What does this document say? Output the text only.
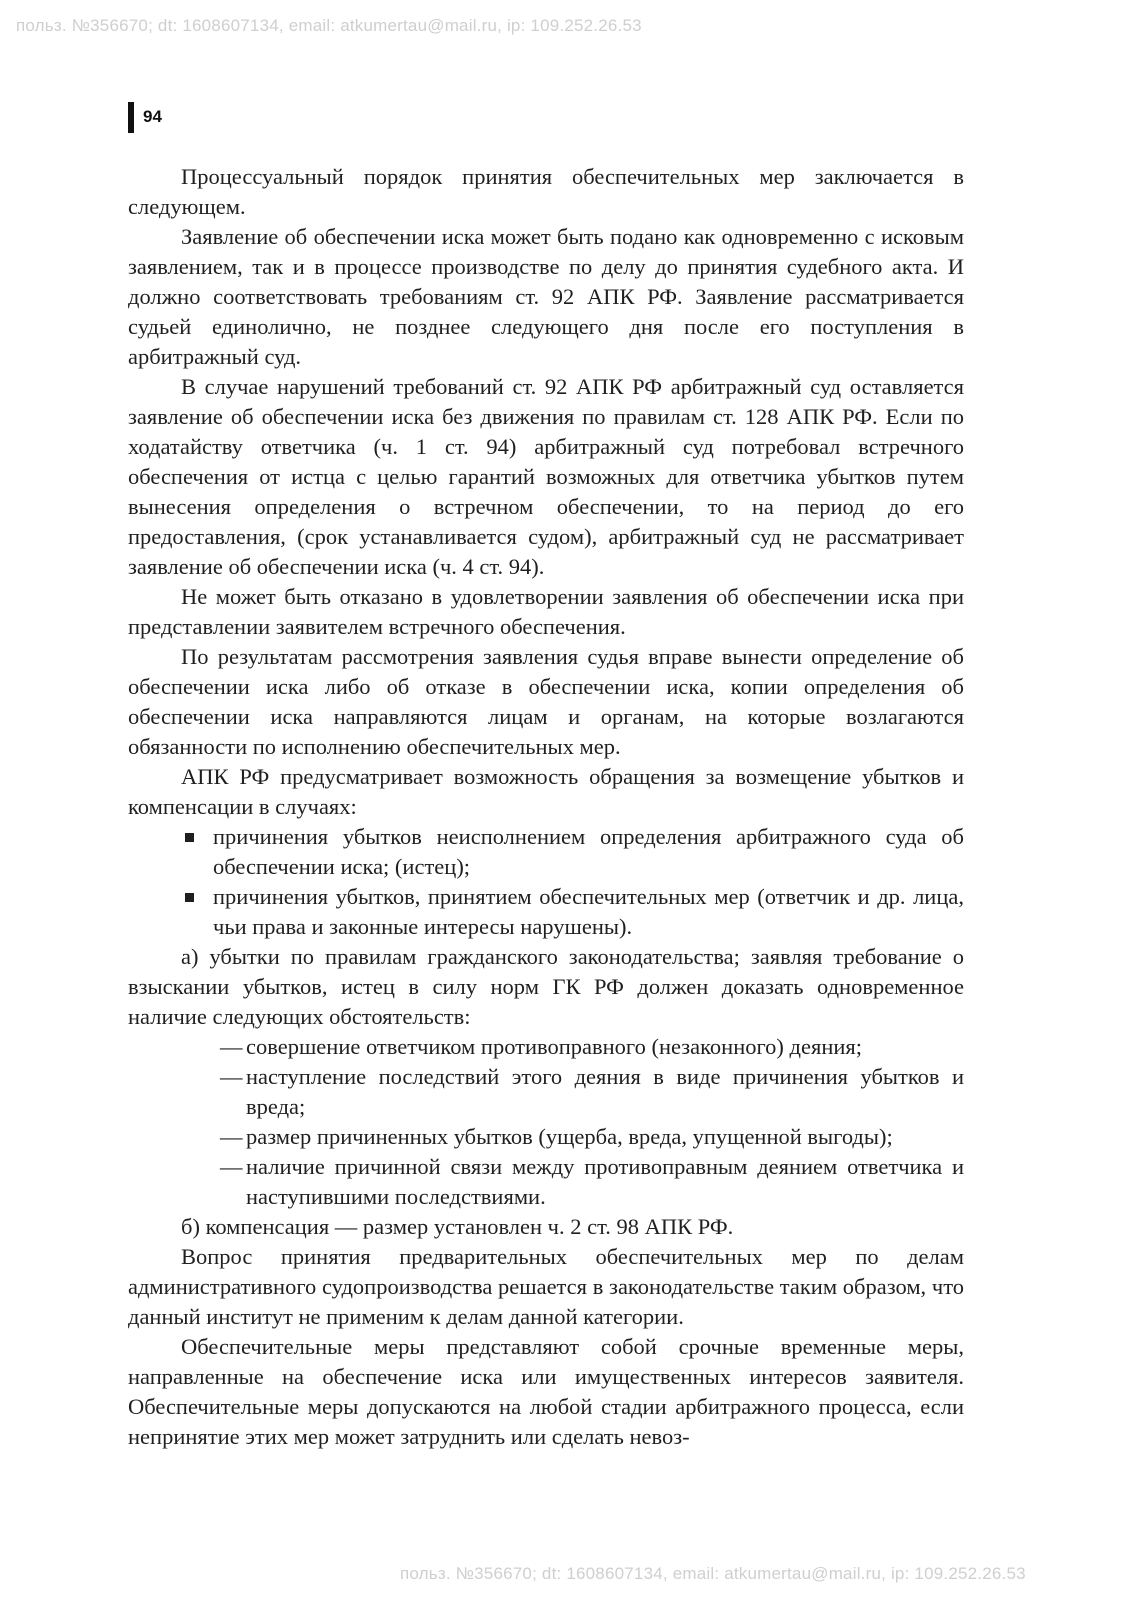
польз. №356670; dt: 1608607134, email: atkumertau@mail.ru, ip: 109.252.26.53
94

Процессуальный порядок принятия обеспечительных мер заключается в следующем.

Заявление об обеспечении иска может быть подано как одновременно с исковым заявлением, так и в процессе производстве по делу до принятия судебного акта. И должно соответствовать требованиям ст. 92 АПК РФ. Заявление рассматривается судьей единолично, не позднее следующего дня после его поступления в арбитражный суд.

В случае нарушений требований ст. 92 АПК РФ арбитражный суд оставляется заявление об обеспечении иска без движения по правилам ст. 128 АПК РФ. Если по ходатайству ответчика (ч. 1 ст. 94) арбитражный суд потребовал встречного обеспечения от истца с целью гарантий возможных для ответчика убытков путем вынесения определения о встречном обеспечении, то на период до его предоставления, (срок устанавливается судом), арбитражный суд не рассматривает заявление об обеспечении иска (ч. 4 ст. 94).

Не может быть отказано в удовлетворении заявления об обеспечении иска при представлении заявителем встречного обеспечения.

По результатам рассмотрения заявления судья вправе вынести определение об обеспечении иска либо об отказе в обеспечении иска, копии определения об обеспечении иска направляются лицам и органам, на которые возлагаются обязанности по исполнению обеспечительных мер.

АПК РФ предусматривает возможность обращения за возмещение убытков и компенсации в случаях:

причинения убытков неисполнением определения арбитражного суда об обеспечении иска; (истец);
причинения убытков, принятием обеспечительных мер (ответчик и др. лица, чьи права и законные интересы нарушены).

а) убытки по правилам гражданского законодательства; заявляя требование о взыскании убытков, истец в силу норм ГК РФ должен доказать одновременное наличие следующих обстоятельств:

— совершение ответчиком противоправного (незаконного) деяния;
— наступление последствий этого деяния в виде причинения убытков и вреда;
— размер причиненных убытков (ущерба, вреда, упущенной выгоды);
— наличие причинной связи между противоправным деянием ответчика и наступившими последствиями.

б) компенсация — размер установлен ч. 2 ст. 98 АПК РФ.

Вопрос принятия предварительных обеспечительных мер по делам административного судопроизводства решается в законодательстве таким образом, что данный институт не применим к делам данной категории.

Обеспечительные меры представляют собой срочные временные меры, направленные на обеспечение иска или имущественных интересов заявителя. Обеспечительные меры допускаются на любой стадии арбитражного процесса, если непринятие этих мер может затруднить или сделать невоз-

польз. №356670; dt: 1608607134, email: atkumertau@mail.ru, ip: 109.252.26.53
